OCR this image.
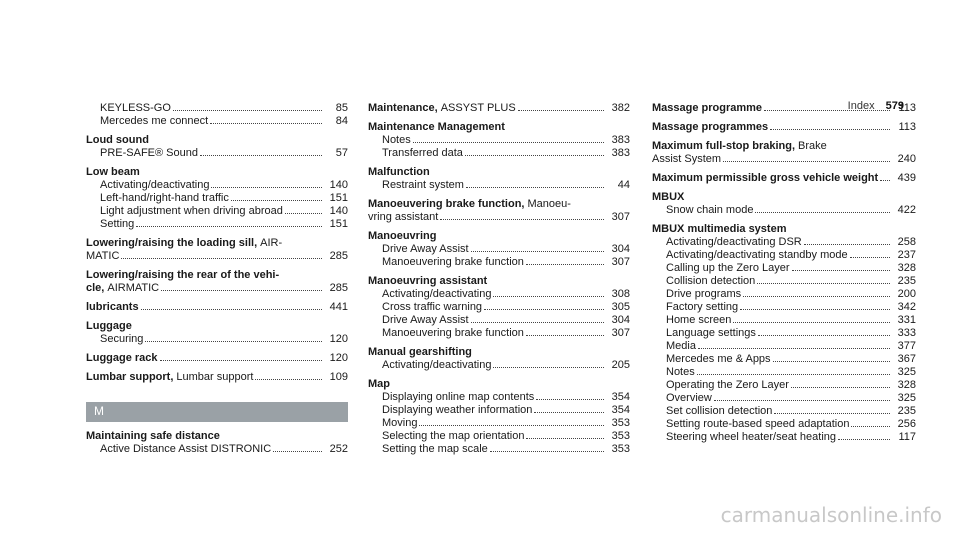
Index 579
KEYLESS-GO	85
Mercedes me connect	84
Loud sound
PRE-SAFE® Sound	57
Low beam
Activating/deactivating	140
Left-hand/right-hand traffic	151
Light adjustment when driving abroad	140
Setting	151
Lowering/raising the loading sill, AIR-
MATIC	285
Lowering/raising the rear of the vehi-
cle, AIRMATIC	285
lubricants	441
Luggage
Securing	120
Luggage rack	120
Lumbar support, Lumbar support	109
M
Maintaining safe distance
Active Distance Assist DISTRONIC	252
Maintenance, ASSYST PLUS	382
Maintenance Management
Notes	383
Transferred data	383
Malfunction
Restraint system	44
Manoeuvering brake function, Manoeu-
vring assistant	307
Manoeuvring
Drive Away Assist	304
Manoeuvering brake function	307
Manoeuvring assistant
Activating/deactivating	308
Cross traffic warning	305
Drive Away Assist	304
Manoeuvering brake function	307
Manual gearshifting
Activating/deactivating	205
Map
Displaying online map contents	354
Displaying weather information	354
Moving	353
Selecting the map orientation	353
Setting the map scale	353
Massage programme	113
Massage programmes	113
Maximum full-stop braking, Brake
Assist System	240
Maximum permissible gross vehicle weight	439
MBUX
Snow chain mode	422
MBUX multimedia system
Activating/deactivating DSR	258
Activating/deactivating standby mode	237
Calling up the Zero Layer	328
Collision detection	235
Drive programs	200
Factory setting	342
Home screen	331
Language settings	333
Media	377
Mercedes me & Apps	367
Notes	325
Operating the Zero Layer	328
Overview	325
Set collision detection	235
Setting route-based speed adaptation	256
Steering wheel heater/seat heating	117
carmanualsonline.info
